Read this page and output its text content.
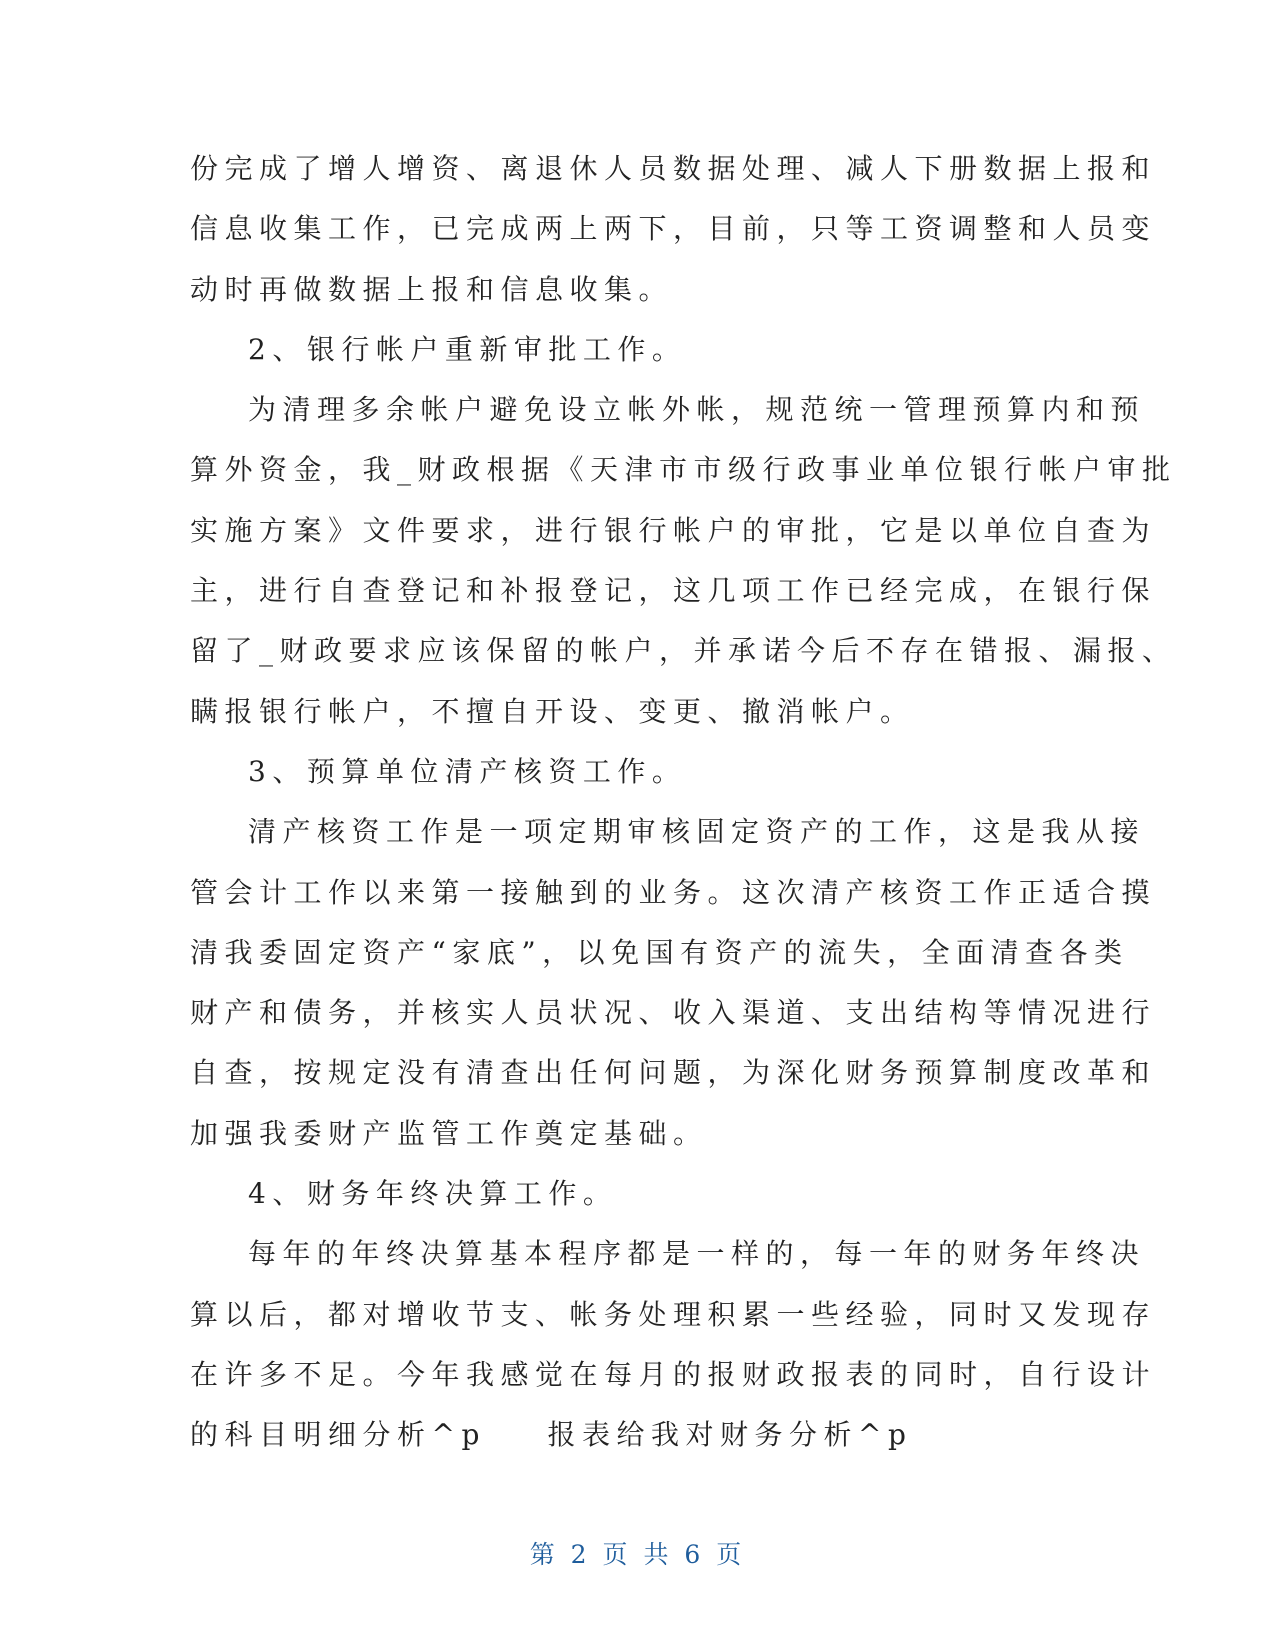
份完成了增人增资、离退休人员数据处理、减人下册数据上报和
信息收集工作，已完成两上两下，目前，只等工资调整和人员变
动时再做数据上报和信息收集。
2、银行帐户重新审批工作。
为清理多余帐户避免设立帐外帐，规范统一管理预算内和预
算外资金，我_财政根据《天津市市级行政事业单位银行帐户审批
实施方案》文件要求，进行银行帐户的审批，它是以单位自查为
主，进行自查登记和补报登记，这几项工作已经完成，在银行保
留了_财政要求应该保留的帐户，并承诺今后不存在错报、漏报、
瞒报银行帐户，不擅自开设、变更、撤消帐户。
3、预算单位清产核资工作。
清产核资工作是一项定期审核固定资产的工作，这是我从接
管会计工作以来第一接触到的业务。这次清产核资工作正适合摸
清我委固定资产“家底”，以免国有资产的流失，全面清查各类
财产和债务，并核实人员状况、收入渠道、支出结构等情况进行
自查，按规定没有清查出任何问题，为深化财务预算制度改革和
加强我委财产监管工作奠定基础。
4、财务年终决算工作。
每年的年终决算基本程序都是一样的，每一年的财务年终决
算以后，都对增收节支、帐务处理积累一些经验，同时又发现存
在许多不足。今年我感觉在每月的报财政报表的同时，自行设计
的科目明细分析^p    报表给我对财务分析^p
第 2 页 共 6 页
